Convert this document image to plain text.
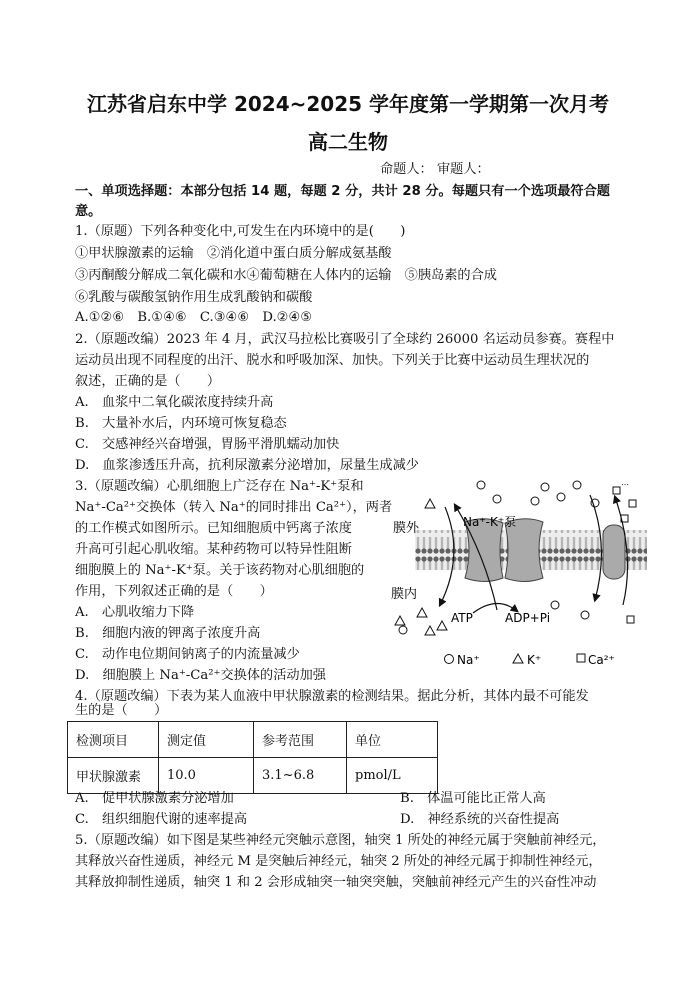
江苏省启东中学 2024~2025 学年度第一学期第一次月考
高二生物
命题人： 审题人：
一、单项选择题：本部分包括 14 题，每题 2 分，共计 28 分。每题只有一个选项最符合题
意。
1.（原题）下列各种变化中,可发生在内环境中的是(　　)
①甲状腺激素的运输　②消化道中蛋白质分解成氨基酸
③丙酮酸分解成二氧化碳和水④葡萄糖在人体内的运输　⑤胰岛素的合成
⑥乳酸与碳酸氢钠作用生成乳酸钠和碳酸
A.①②⑥　B.①④⑥　C.③④⑥　D.②④⑤
2.（原题改编）2023 年 4 月，武汉马拉松比赛吸引了全球约 26000 名运动员参赛。赛程中
运动员出现不同程度的出汗、脱水和呼吸加深、加快。下列关于比赛中运动员生理状况的
叙述，正确的是（　　）
A.　血浆中二氧化碳浓度持续升高
B.　大量补水后，内环境可恢复稳态
C.　交感神经兴奋增强，胃肠平滑肌蠕动加快
D.　血浆渗透压升高，抗利尿激素分泌增加，尿量生成减少
3.（原题改编）心肌细胞上广泛存在 Na⁺-K⁺泵和
Na⁺-Ca²⁺交换体（转入 Na⁺的同时排出 Ca²⁺），两者
的工作模式如图所示。已知细胞质中钙离子浓度
升高可引起心肌收缩。某种药物可以特异性阻断
细胞膜上的 Na⁺-K⁺泵。关于该药物对心肌细胞的
作用，下列叙述正确的是（　　）
A.　心肌收缩力下降
B.　细胞内液的钾离子浓度升高
C.　动作电位期间钠离子的内流量减少
D.　细胞膜上 Na⁺-Ca²⁺交换体的活动加强
膜外
膜内
Na⁺-K⁺泵
ATP	ADP+Pi
…
Na⁺	K⁺	Ca²⁺
4.（原题改编）下表为某人血液中甲状腺激素的检测结果。据此分析，其体内最不可能发
生的是（　　）
检测项目	测定值	参考范围	单位
甲状腺激素	10.0	3.1~6.8	pmol/L
A.　促甲状腺激素分泌增加	B.　体温可能比正常人高
C.　组织细胞代谢的速率提高	D.　神经系统的兴奋性提高
5.（原题改编）如下图是某些神经元突触示意图，轴突 1 所处的神经元属于突触前神经元，
其释放兴奋性递质，神经元 M 是突触后神经元，轴突 2 所处的神经元属于抑制性神经元，
其释放抑制性递质，轴突 1 和 2 会形成轴突一轴突突触，突触前神经元产生的兴奋性冲动
